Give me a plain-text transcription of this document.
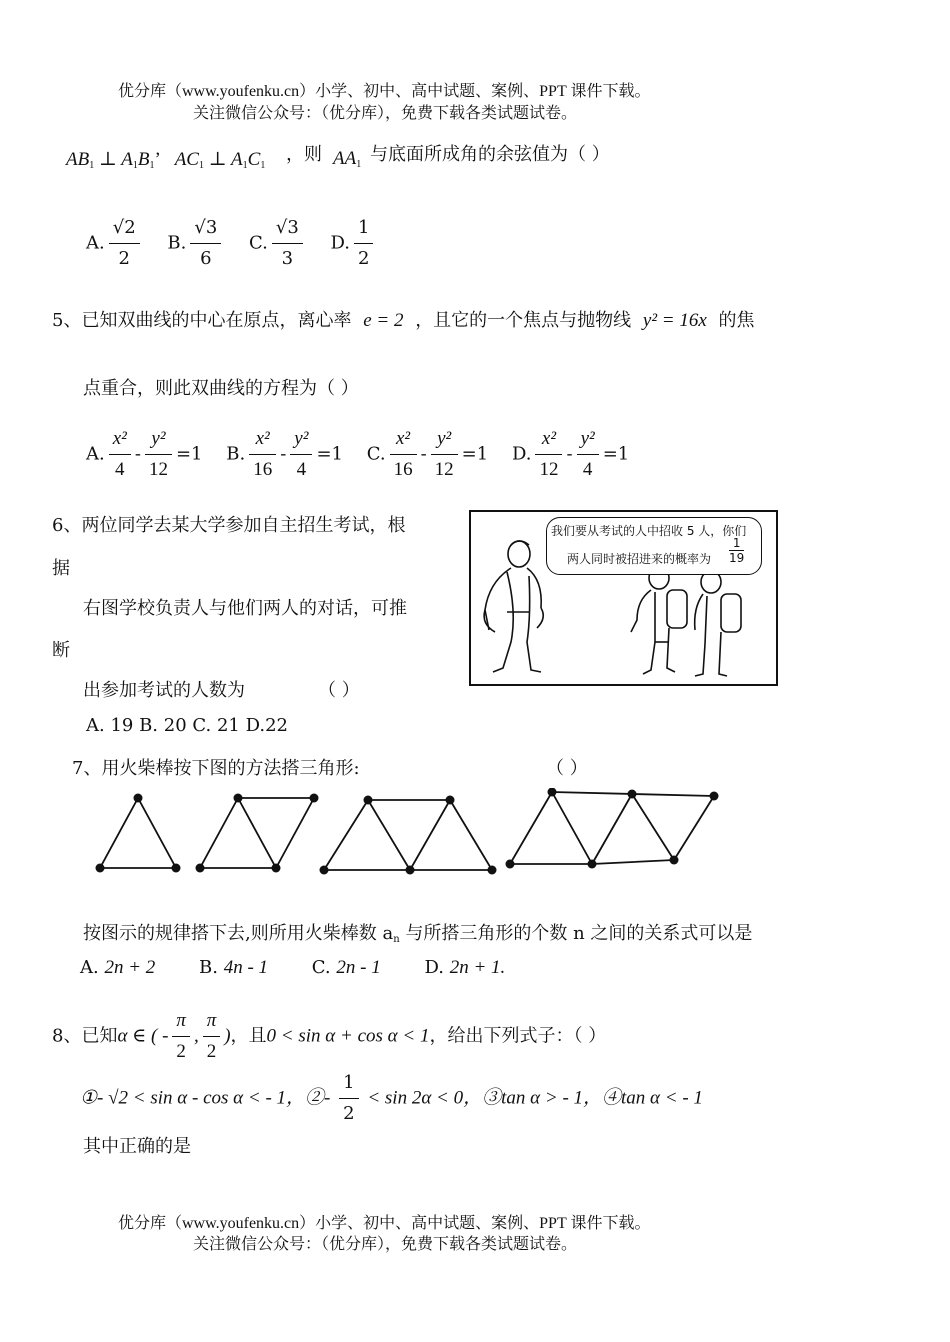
优分库（www.youfenku.cn）小学、初中、高中试题、案例、PPT 课件下载。
关注微信公众号：（优分库），免费下载各类试题试卷。
$AB_1$ ⊥ $A_1B_1$’   $AC_1$ ⊥ $A_1C_1$
，则 $AA_1$ 与底面所成角的余弦值为（ ）
A. $\frac{√2}{2} B$. $\frac{√3}{6} C$. $\frac{√3}{3} D$. $\frac{1}{2}$
5、已知双曲线的中心在原点，离心率 e = 2 ，且它的一个焦点与抛物线 y² = 16x 的焦
点重合，则此双曲线的方程为（ ）
A. $\frac{\text{x²}}{4} - \frac{\text{y²}}{12} =1$ B. $\frac{\text{x²}}{16} - \frac{\text{y²}}{4} =1$ C. $\frac{\text{x²}}{16} - \frac{\text{y²}}{12} =1$ D. $\frac{\text{x²}}{12} - \frac{\text{y²}}{4} =1$
6、两位同学去某大学参加自主招生考试，根
据
右图学校负责人与他们两人的对话，可推
断
出参加考试的人数为	（ ）
A. 19 B. 20 C. 21 D.22
我们要从考试的人中招收 5 人，你们
两人同时被招进来的概率为
1
19
7、用火柴棒按下图的方法搭三角形:	（ ）
按图示的规律搭下去,则所用火柴棒数 $a_n$ 与所搭三角形的个数 n 之间的关系式可以是
A. 2n + 2 B. 4n - 1 C. 2n - 1 D. 2n + 1.
8、已知α ∈ ( - $\frac{\pi}{2}$ , $\frac{\pi}{2}$ )，且0 < sin α + cos α < 1，给出下列式子：（ ）
①- √2 < sin α - cos α < - 1，②- $\frac{1}{2} < \sin 2\alpha < 0$，③tan α > - 1，④tan α < - 1
其中正确的是
优分库（www.youfenku.cn）小学、初中、高中试题、案例、PPT 课件下载。
关注微信公众号：（优分库），免费下载各类试题试卷。
